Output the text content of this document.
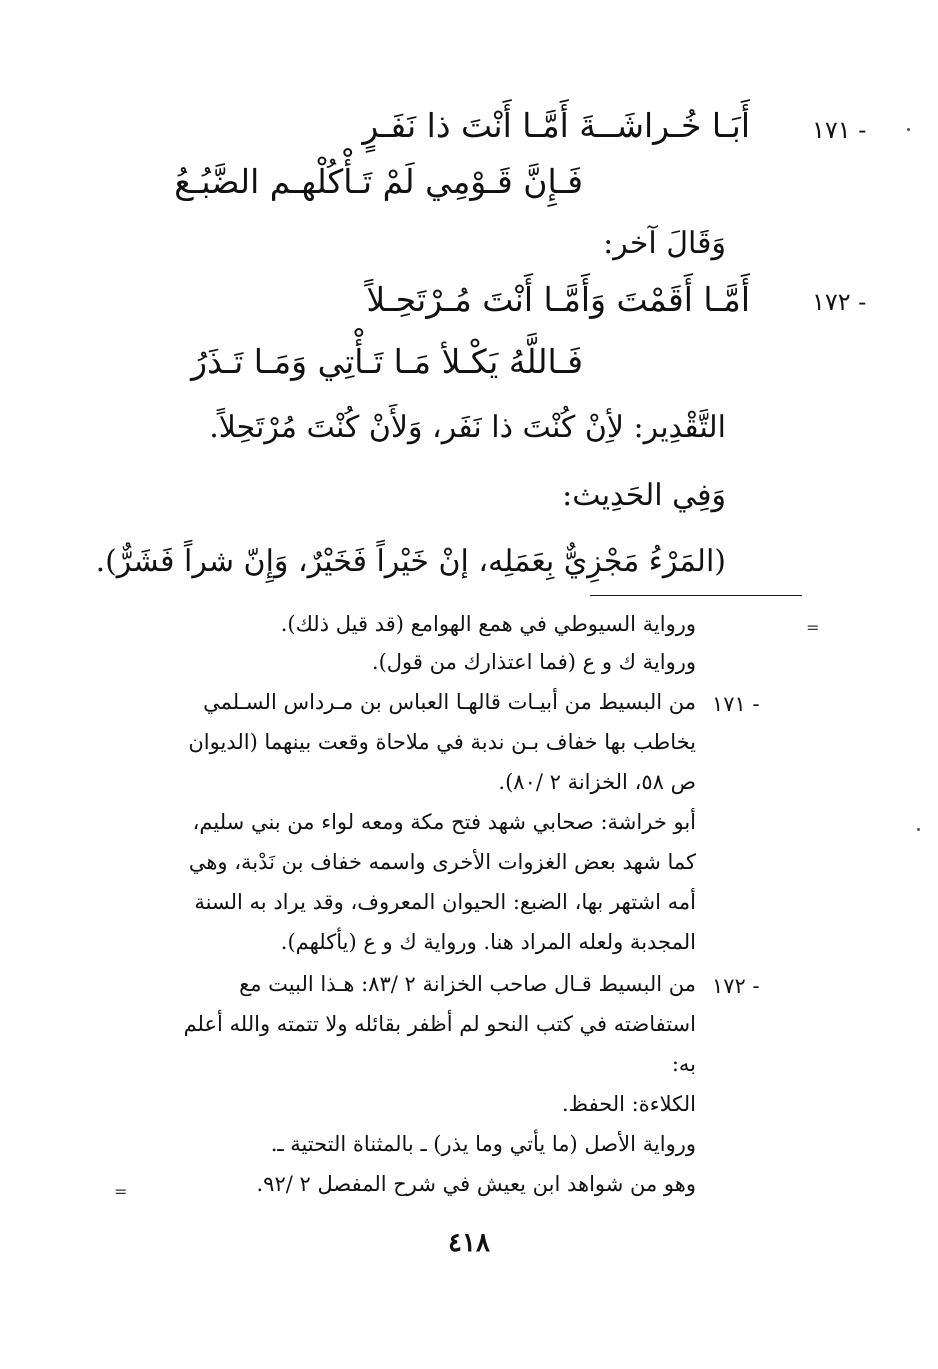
١٧١ -
أَبَـا خُـراشَــةَ أَمَّـا أَنْتَ ذا نَفَـرٍ
فَـإِنَّ قَـوْمِي لَمْ تَـأْكُلْهـم الضَّبُـعُ
وَقَالَ آخر:
١٧٢ -
أَمَّـا أَقَمْتَ وَأَمَّـا أَنْتَ مُـرْتَحِـلاً
فَـاللَّهُ يَكْـلأ مَـا تَـأْتِي وَمَـا تَـذَرُ
التَّقْدِير: لأِنْ كُنْتَ ذا نَفَر، وَلأَنْ كُنْتَ مُرْتَحِلاً.
وَفِي الحَدِيث:
(المَرْءُ مَجْزِيٌّ بِعَمَلِه، إنْ خَيْراً فَخَيْرٌ، وَإِنّ شراً فَشَرٌّ).
=
ورواية السيوطي في همع الهوامع (قد قيل ذلك).
ورواية ك و ع (فما اعتذارك من قول).
١٧١ -
من البسيط من أبيـات قالهـا العباس بن مـرداس السـلمي
يخاطب بها خفاف بـن ندبة في ملاحاة وقعت بينهما (الديوان
ص ٥٨، الخزانة ٢ /٨٠).
أبو خراشة: صحابي شهد فتح مكة ومعه لواء من بني سليم،
كما شهد بعض الغزوات الأخرى واسمه خفاف بن نَدْبة، وهي
أمه اشتهر بها، الضبع: الحيوان المعروف، وقد يراد به السنة
المجدبة ولعله المراد هنا. ورواية ك و ع (يأكلهم).
١٧٢ -
من البسيط قـال صاحب الخزانة ٢ /٨٣: هـذا البيت مع
استفاضته في كتب النحو لم أظفر بقائله ولا تتمته والله أعلم
به:
الكلاءة: الحفظ.
ورواية الأصل (ما يأتي وما يذر) ـ بالمثناة التحتية ـ.
وهو من شواهد ابن يعيش في شرح المفصل ٢ /٩٢.
=
٤١٨
